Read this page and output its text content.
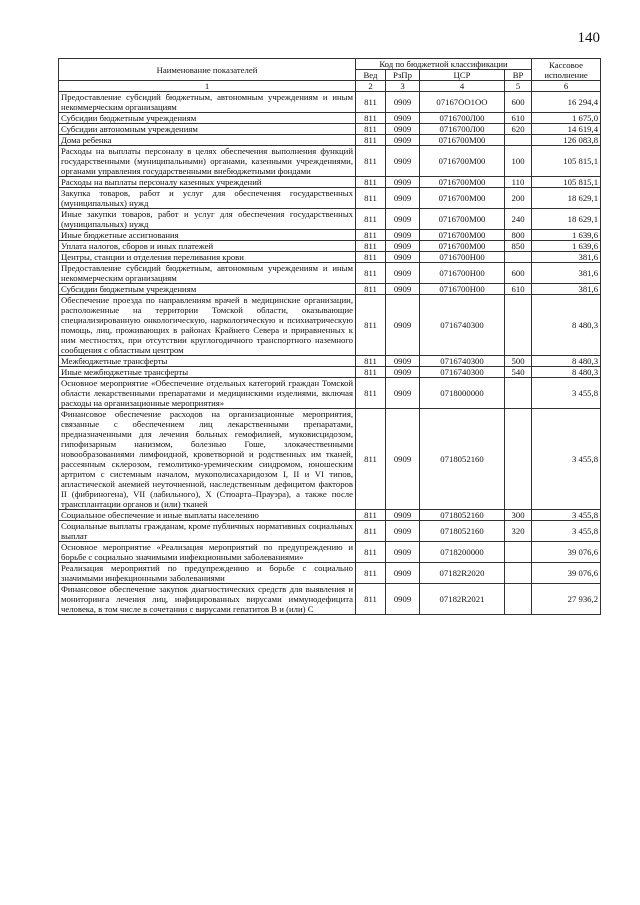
140
Наименование показателей	Код по бюджетной классификации				Кассовое
исполнение
	Вед	РзПр	ЦСР	ВР	
1	2	3	4	5	6
Предоставление субсидий бюджетным, автономным учреждениям и иным некоммерческим организациям	811	0909	07167ОО1ОО	600	16 294,4
Субсидии бюджетным учреждениям	811	0909	0716700Л00	610	1 675,0
Субсидии автономным учреждениям	811	0909	0716700Л00	620	14 619,4
Дома ребенка	811	0909	0716700М00		126 083,8
Расходы на выплаты персоналу в целях обеспечения выполнения функций государственными (муниципальными) органами, казенными учреждениями, органами управления государственными внебюджетными фондами	811	0909	0716700М00	100	105 815,1
Расходы на выплаты персоналу казенных учреждений	811	0909	0716700М00	110	105 815,1
Закупка товаров, работ и услуг для обеспечения государственных (муниципальных) нужд	811	0909	0716700М00	200	18 629,1
Иные закупки товаров, работ и услуг для обеспечения государственных (муниципальных) нужд	811	0909	0716700М00	240	18 629,1
Иные бюджетные ассигнования	811	0909	0716700М00	800	1 639,6
Уплата налогов, сборов и иных платежей	811	0909	0716700М00	850	1 639,6
Центры, станции и отделения переливания крови	811	0909	0716700Н00		381,6
Предоставление субсидий бюджетным, автономным учреждениям и иным некоммерческим организациям	811	0909	0716700Н00	600	381,6
Субсидии бюджетным учреждениям	811	0909	0716700Н00	610	381,6
Обеспечение проезда по направлениям врачей в медицинские организации, расположенные на территории Томской области, оказывающие специализированную онкологическую, наркологическую и психиатрическую помощь, лиц, проживающих в районах Крайнего Севера и приравненных к ним местностях, при отсутствии круглогодичного транспортного наземного сообщения с областным центром	811	0909	0716740300		8 480,3
Межбюджетные трансферты	811	0909	0716740300	500	8 480,3
Иные межбюджетные трансферты	811	0909	0716740300	540	8 480,3
Основное мероприятие «Обеспечение отдельных категорий граждан Томской области лекарственными препаратами и медицинскими изделиями, включая расходы на организационные мероприятия»	811	0909	0718000000		3 455,8
Финансовое обеспечение расходов на организационные мероприятия, связанные с обеспечением лиц лекарственными препаратами, предназначенными для лечения больных гемофилией, муковисцидозом, гипофизарным нанизмом, болезнью Гоше, злокачественными новообразованиями лимфоидной, кроветворной и родственных им тканей, рассеянным склерозом, гемолитико-уремическим синдромом, юношеским артритом с системным началом, мукополисахаридозом I, II и VI типов, апластической анемией неуточненной, наследственным дефицитом факторов II (фибриногена), VII (лабильного), X (Стюарта–Прауэра), а также после трансплантации органов и (или) тканей	811	0909	0718052160		3 455,8
Социальное обеспечение и иные выплаты населению	811	0909	0718052160	300	3 455,8
Социальные выплаты гражданам, кроме публичных нормативных социальных выплат	811	0909	0718052160	320	3 455,8
Основное мероприятие «Реализация мероприятий по предупреждению и борьбе с социально значимыми инфекционными заболеваниями»	811	0909	0718200000		39 076,6
Реализация мероприятий по предупреждению и борьбе с социально значимыми инфекционными заболеваниями	811	0909	07182R2020		39 076,6
Финансовое обеспечение закупок диагностических средств для выявления и мониторинга лечения лиц, инфицированных вирусами иммунодефицита человека, в том числе в сочетании с вирусами гепатитов В и (или) С	811	0909	07182R2021		27 936,2
